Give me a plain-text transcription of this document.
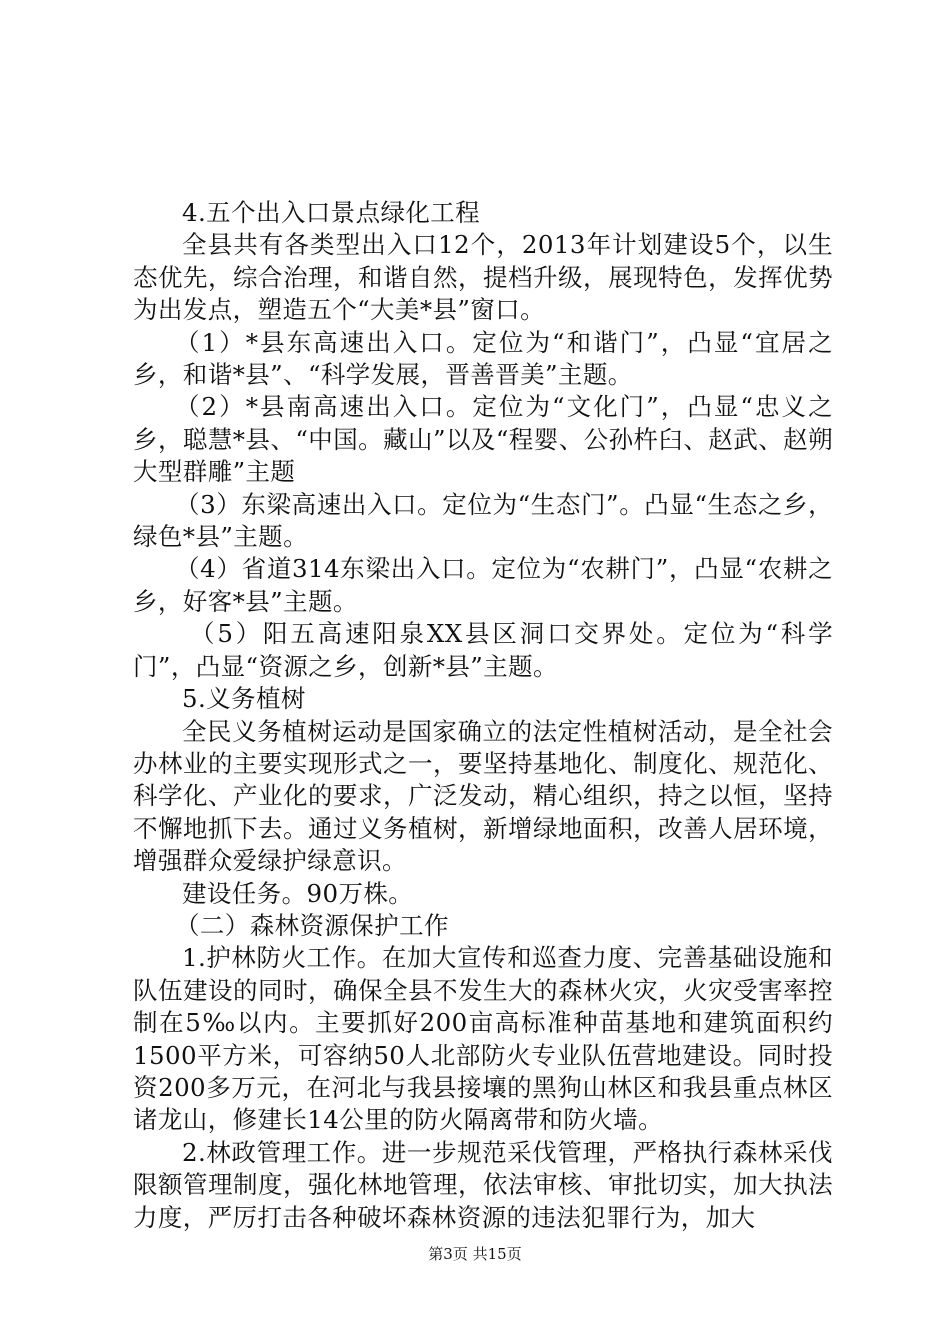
4.五个出入口景点绿化工程

全县共有各类型出入口12个，2013年计划建设5个，以生态优先，综合治理，和谐自然，提档升级，展现特色，发挥优势为出发点，塑造五个“大美*县”窗口。

（1）*县东高速出入口。定位为“和谐门”，凸显“宜居之乡，和谐*县”、“科学发展，晋善晋美”主题。

（2）*县南高速出入口。定位为“文化门”，凸显“忠义之乡，聪慧*县、“中国。藏山”以及“程婴、公孙杵臼、赵武、赵朔大型群雕”主题

（3）东梁高速出入口。定位为“生态门”。凸显“生态之乡，绿色*县”主题。

（4）省道314东梁出入口。定位为“农耕门”，凸显“农耕之乡，好客*县”主题。

（5）阳五高速阳泉XX县区洞口交界处。定位为“科学门”，凸显“资源之乡，创新*县”主题。

5.义务植树

全民义务植树运动是国家确立的法定性植树活动，是全社会办林业的主要实现形式之一，要坚持基地化、制度化、规范化、科学化、产业化的要求，广泛发动，精心组织，持之以恒，坚持不懈地抓下去。通过义务植树，新增绿地面积，改善人居环境，增强群众爱绿护绿意识。

建设任务。90万株。

（二）森林资源保护工作

1.护林防火工作。在加大宣传和巡查力度、完善基础设施和队伍建设的同时，确保全县不发生大的森林火灾，火灾受害率控制在5‰以内。主要抓好200亩高标准种苗基地和建筑面积约1500平方米，可容纳50人北部防火专业队伍营地建设。同时投资200多万元，在河北与我县接壤的黑狗山林区和我县重点林区诸龙山，修建长14公里的防火隔离带和防火墙。

2.林政管理工作。进一步规范采伐管理，严格执行森林采伐限额管理制度，强化林地管理，依法审核、审批切实，加大执法力度，严厉打击各种破坏森林资源的违法犯罪行为，加大

第3页 共15页
